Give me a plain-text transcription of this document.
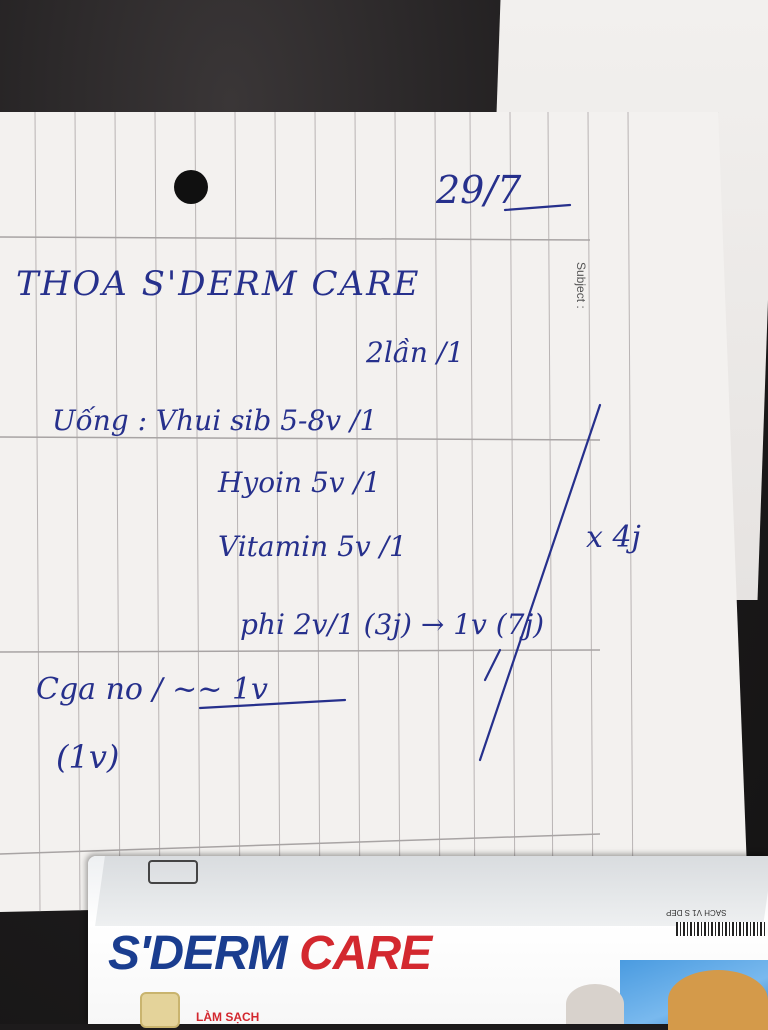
Subject :
29/7
THOA S'DERM CARE
2lần /1
Uống : Vhui sib 5-8v /1
Hyoin 5v /1
Vitamin 5v /1	x 4j
phi 2v/1 (3j) → 1v (7j)
Cga no / ~~ 1v
(1v)
SACH V1 S DEP
S'DERM CARE
LÀM SẠCH
